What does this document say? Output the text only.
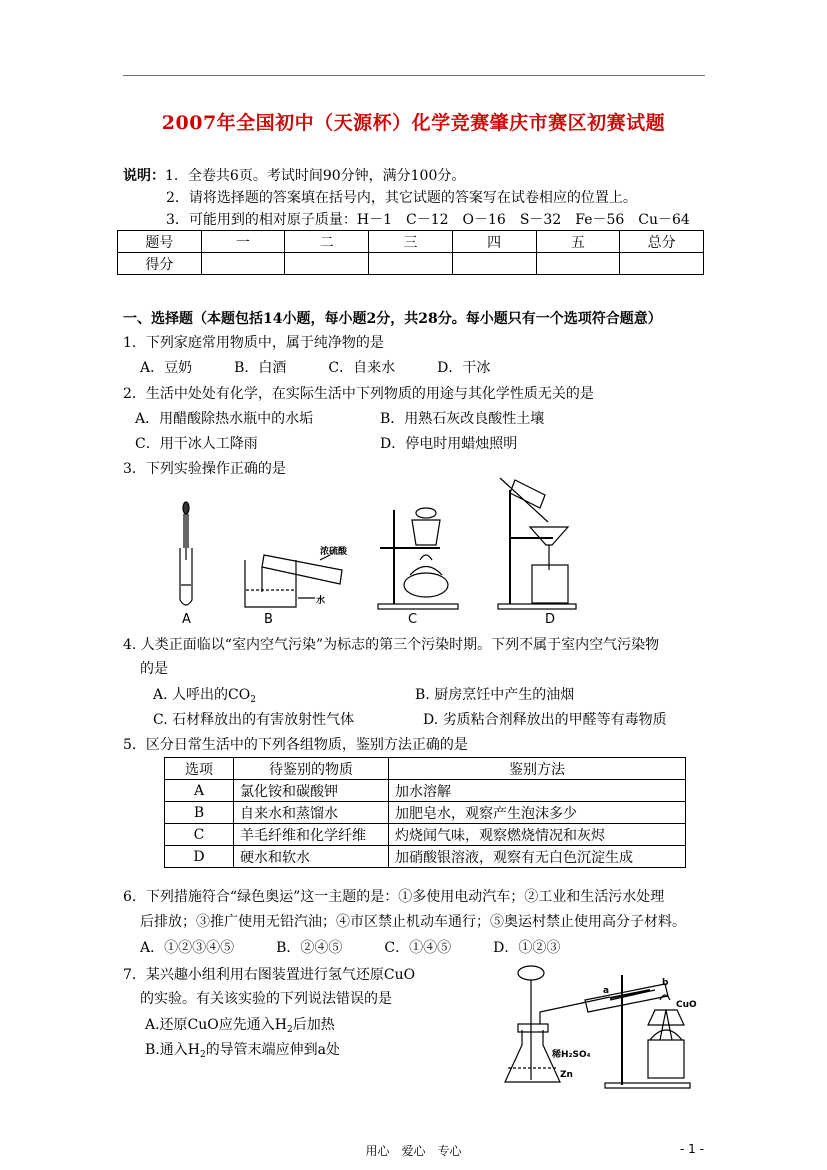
2007年全国初中（天源杯）化学竞赛肇庆市赛区初赛试题
说明：1．全卷共6页。考试时间90分钟，满分100分。
2．请将选择题的答案填在括号内，其它试题的答案写在试卷相应的位置上。
3．可能用到的相对原子质量：H－1　C－12　O－16　S－32　Fe－56　Cu－64
题号	一	二	三	四	五	总分
得分						
一、选择题（本题包括14小题，每小题2分，共28分。每小题只有一个选项符合题意）
1．下列家庭常用物质中，属于纯净物的是
A．豆奶　　　B．白酒　　　C．自来水　　　D．干冰
2．生活中处处有化学，在实际生活中下列物质的用途与其化学性质无关的是
A．用醋酸除热水瓶中的水垢	B．用熟石灰改良酸性土壤
C．用干冰人工降雨	D．停电时用蜡烛照明
3．下列实验操作正确的是
A	B	C	D
浓硫酸
水
4. 人类正面临以“室内空气污染”为标志的第三个污染时期。下列不属于室内空气污染物
的是
A. 人呼出的$CO_2$	B. 厨房烹饪中产生的油烟
C. 石材释放出的有害放射性气体	D. 劣质粘合剂释放出的甲醛等有毒物质
5．区分日常生活中的下列各组物质，鉴别方法正确的是
选项	待鉴别的物质	鉴别方法
A	氯化铵和碳酸钾	加水溶解
B	自来水和蒸馏水	加肥皂水，观察产生泡沫多少
C	羊毛纤维和化学纤维	灼烧闻气味，观察燃烧情况和灰烬
D	硬水和软水	加硝酸银溶液，观察有无白色沉淀生成
6．下列措施符合“绿色奥运”这一主题的是：①多使用电动汽车；②工业和生活污水处理
后排放；③推广使用无铅汽油；④市区禁止机动车通行；⑤奥运村禁止使用高分子材料。
A．①②③④⑤　　　B．②④⑤　　　C．①④⑤　　　D．①②③
7．某兴趣小组利用右图装置进行氢气还原CuO
的实验。有关该实验的下列说法错误的是
A.还原CuO应先通入$H_2$后加热
B.通入$H_2$的导管末端应伸到a处
a
b
CuO
稀H₂SO₄
Zn
用心　爱心　专心	- 1 -
